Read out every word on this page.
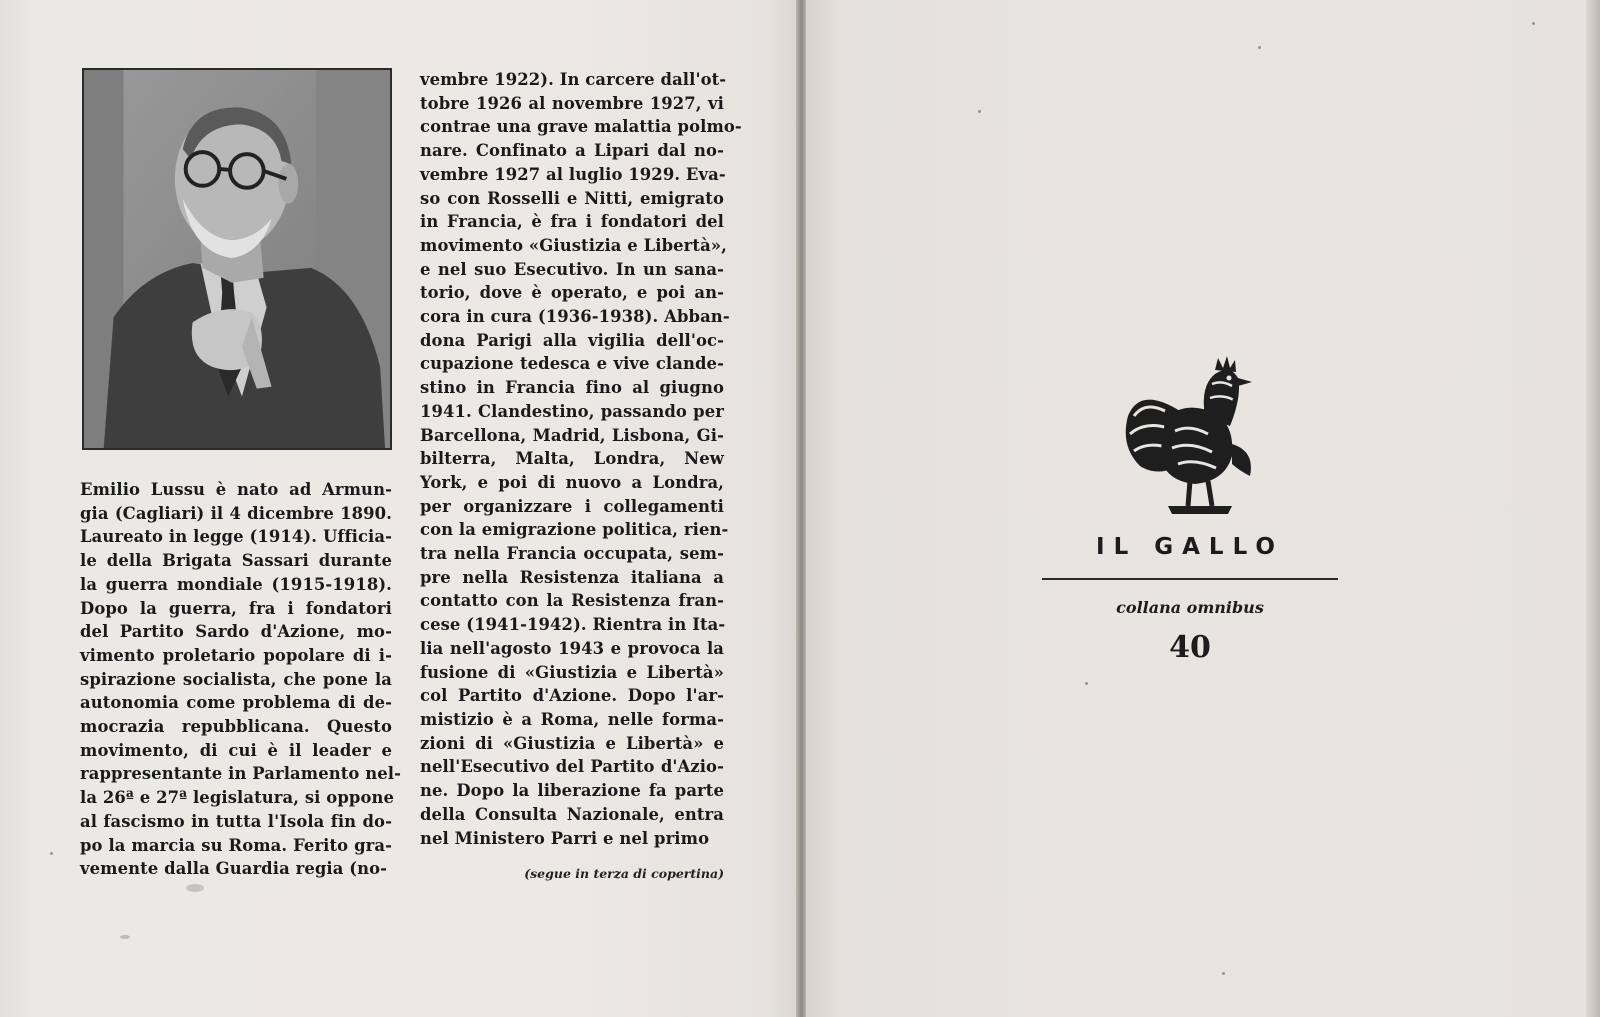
Emilio Lussu è nato ad Armun-
gia (Cagliari) il 4 dicembre 1890.
Laureato in legge (1914). Ufficia-
le della Brigata Sassari durante
la guerra mondiale (1915-1918).
Dopo la guerra, fra i fondatori
del Partito Sardo d'Azione, mo-
vimento proletario popolare di i-
spirazione socialista, che pone la
autonomia come problema di de-
mocrazia repubblicana. Questo
movimento, di cui è il leader e
rappresentante in Parlamento nel-
la 26ª e 27ª legislatura, si oppone
al fascismo in tutta l'Isola fin do-
po la marcia su Roma. Ferito gra-
vemente dalla Guardia regia (no-
vembre 1922). In carcere dall'ot-
tobre 1926 al novembre 1927, vi
contrae una grave malattia polmo-
nare. Confinato a Lipari dal no-
vembre 1927 al luglio 1929. Eva-
so con Rosselli e Nitti, emigrato
in Francia, è fra i fondatori del
movimento «Giustizia e Libertà»,
e nel suo Esecutivo. In un sana-
torio, dove è operato, e poi an-
cora in cura (1936-1938). Abban-
dona Parigi alla vigilia dell'oc-
cupazione tedesca e vive clande-
stino in Francia fino al giugno
1941. Clandestino, passando per
Barcellona, Madrid, Lisbona, Gi-
bilterra, Malta, Londra, New
York, e poi di nuovo a Londra,
per organizzare i collegamenti
con la emigrazione politica, rien-
tra nella Francia occupata, sem-
pre nella Resistenza italiana a
contatto con la Resistenza fran-
cese (1941-1942). Rientra in Ita-
lia nell'agosto 1943 e provoca la
fusione di «Giustizia e Libertà»
col Partito d'Azione. Dopo l'ar-
mistizio è a Roma, nelle forma-
zioni di «Giustizia e Libertà» e
nell'Esecutivo del Partito d'Azio-
ne. Dopo la liberazione fa parte
della Consulta Nazionale, entra
nel Ministero Parri e nel primo
(segue in terza di copertina)
IL GALLO
collana omnibus
40
